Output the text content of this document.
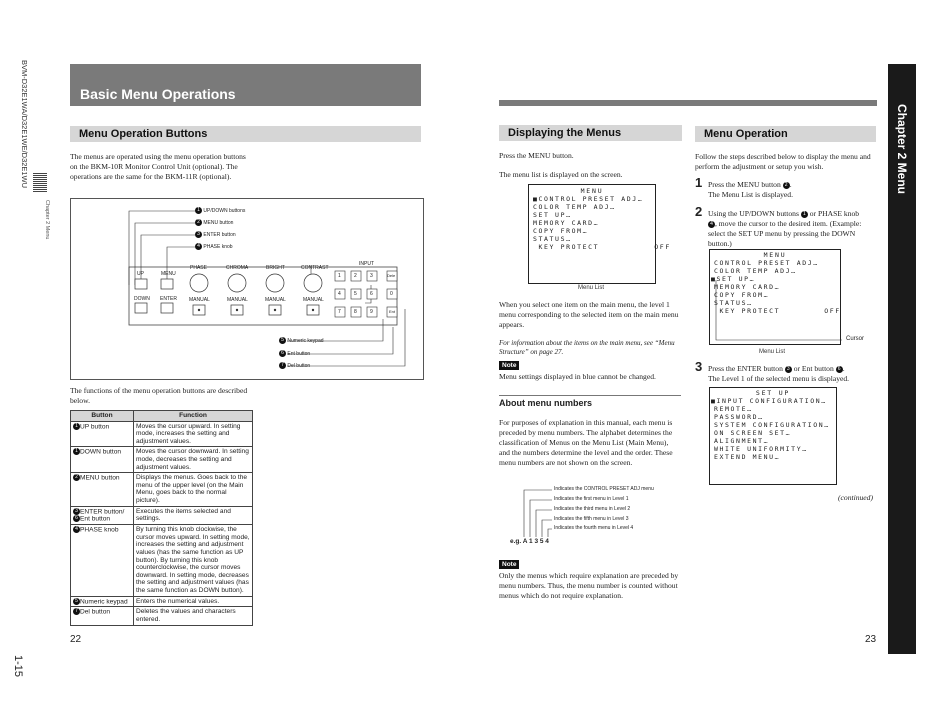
BVM-D32E1WA/D32E1WE/D32E1WU
Chapter 2 Menu
1-15
Basic Menu Operations
Menu Operation Buttons
The menus are operated using the menu operation buttons on the BKM-10R Monitor Control Unit (optional). The operations are the same for the BKM-11R (optional).
1 UP/DOWN buttons
2 MENU button
3 ENTER button
4 PHASE knob
5 Numeric keypad
6 Ent button
7 Del button
UP	MENU
DOWN ENTER
PHASE	CHROMA	BRIGHT	CONTRAST
MANUAL	MANUAL	MANUAL	MANUAL
INPUT
Dele
Ent
1	2	3
4	5	6
7	8	9
0
The functions of the menu operation buttons are described below.
Button	Function
1 UP button	Moves the cursor upward. In setting mode, increases the setting and adjustment values.
1 DOWN button	Moves the cursor downward. In setting mode, decreases the setting and adjustment values.
2 MENU button	Displays the menus. Goes back to the menu of the upper level (on the Main Menu, goes back to the normal picture).
3 ENTER button/
6 Ent button	Executes the items selected and settings.
4 PHASE knob	By turning this knob clockwise, the cursor moves upward. In setting mode, increases the setting and adjustment values (has the same function as UP button). By turning this knob counterclockwise, the cursor moves downward. In setting mode, decreases the setting and adjustment values (has the same function as DOWN button).
5 Numeric keypad	Enters the numerical values.
7 Del button	Deletes the values and characters entered.
22
Chapter 2 Menu
Displaying the Menus
Press the MENU button.
The menu list is displayed on the screen.
MENU
■CONTROL PRESET ADJ…
COLOR TEMP ADJ…
SET UP…
MEMORY CARD…
COPY FROM…
STATUS…
KEY PROTECT          OFF
Menu List
When you select one item on the main menu, the level 1 menu corresponding to the selected item on the main menu appears.
For information about the items on the main menu, see “Menu Structure” on page 27.
Note
Menu settings displayed in blue cannot be changed.
About menu numbers
For purposes of explanation in this manual, each menu is preceded by menu numbers. The alphabet determines the classification of Menus on the Menu List (Main Menu), and the numbers determine the level and the order. These menu numbers are not shown on the screen.
Indicates the CONTROL PRESET ADJ menu
Indicates the first menu in Level 1
Indicates the third menu in Level 2
Indicates the fifth menu in Level 3
Indicates the fourth menu in Level 4
e.g. A 1 3 5 4
Note
Only the menus which require explanation are preceded by menu numbers. Thus, the menu number is counted without menus which do not require explanation.
Menu Operation
Follow the steps described below to display the menu and perform the adjustment or setup you wish.
1 Press the MENU button 2 .
The Menu List is displayed.
2 Using the UP/DOWN buttons 1 or PHASE knob
4 , move the cursor to the desired item. (Example: select the SET UP menu by pressing the DOWN button.)
MENU
CONTROL PRESET ADJ…
COLOR TEMP ADJ…
■SET UP…
MEMORY CARD…
COPY FROM…
STATUS…
KEY PROTECT        OFF
Cursor
Menu List
3 Press the ENTER button 3 or Ent button 6 .
The Level 1 of the selected menu is displayed.
SET UP
■INPUT CONFIGURATION…
REMOTE…
PASSWORD…
SYSTEM CONFIGURATION…
ON SCREEN SET…
ALIGNMENT…
WHITE UNIFORMITY…
EXTEND MENU…
(continued)
23
